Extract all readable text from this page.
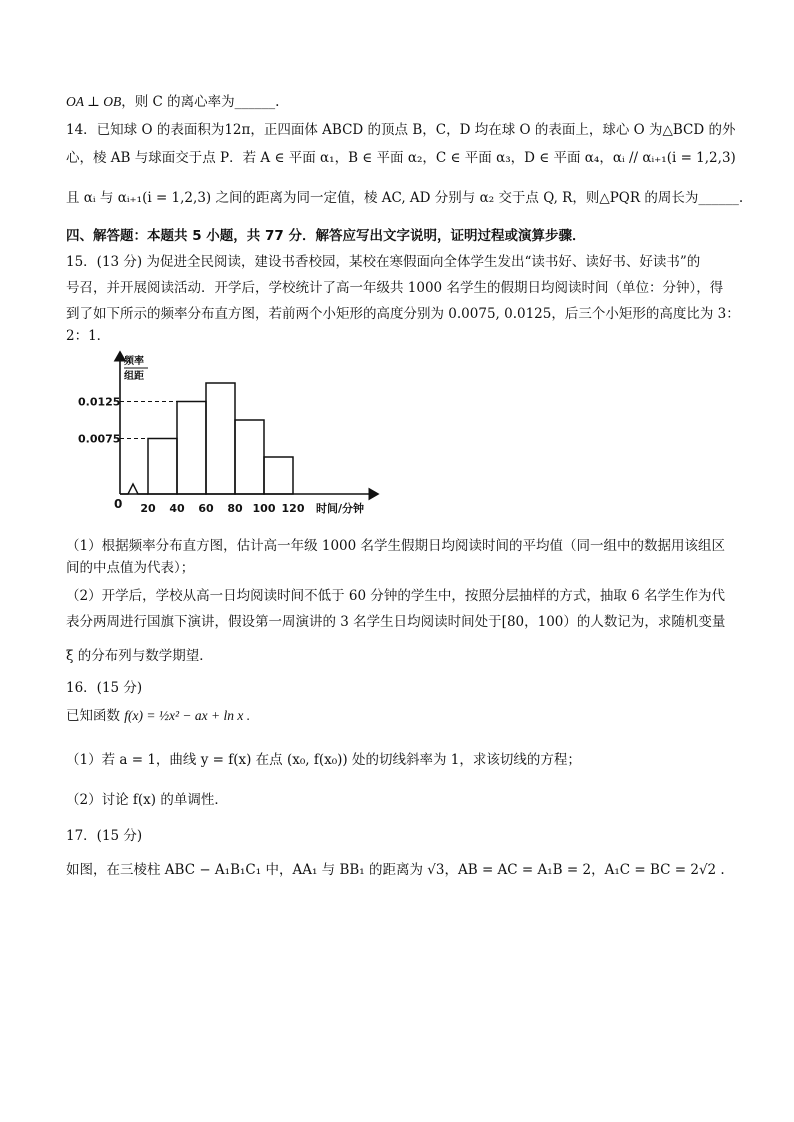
OA ⊥ OB，则 C 的离心率为______.
14．已知球 O 的表面积为12π，正四面体 ABCD 的顶点 B，C，D 均在球 O 的表面上，球心 O 为△BCD 的外
心，棱 AB 与球面交于点 P．若 A ∈ 平面 α₁，B ∈ 平面 α₂，C ∈ 平面 α₃，D ∈ 平面 α₄，αᵢ // αᵢ₊₁(i = 1,2,3)
且 αᵢ 与 αᵢ₊₁(i = 1,2,3) 之间的距离为同一定值，棱 AC, AD 分别与 α₂ 交于点 Q, R，则△PQR 的周长为______.
四、解答题：本题共 5 小题，共 77 分．解答应写出文字说明，证明过程或演算步骤．
15．(13 分) 为促进全民阅读，建设书香校园，某校在寒假面向全体学生发出“读书好、读好书、好读书”的
号召，并开展阅读活动．开学后，学校统计了高一年级共 1000 名学生的假期日均阅读时间（单位：分钟），得
到了如下所示的频率分布直方图，若前两个小矩形的高度分别为 0.0075, 0.0125，后三个小矩形的高度比为 3：
2：1．
频率
组距
时间/分钟
0
0.0075
0.0125
20 40 60 80 100 120
（1）根据频率分布直方图，估计高一年级 1000 名学生假期日均阅读时间的平均值（同一组中的数据用该组区
间的中点值为代表）；
（2）开学后，学校从高一日均阅读时间不低于 60 分钟的学生中，按照分层抽样的方式，抽取 6 名学生作为代
表分两周进行国旗下演讲，假设第一周演讲的 3 名学生日均阅读时间处于[80，100）的人数记为，求随机变量
ξ 的分布列与数学期望．
16．(15 分)
已知函数 f(x) = ½x² − ax + ln x .
（1）若 a = 1，曲线 y = f(x) 在点 (x₀, f(x₀)) 处的切线斜率为 1，求该切线的方程；
（2）讨论 f(x) 的单调性．
17．(15 分)
如图，在三棱柱 ABC − A₁B₁C₁ 中，AA₁ 与 BB₁ 的距离为 √3，AB = AC = A₁B = 2，A₁C = BC = 2√2 .
